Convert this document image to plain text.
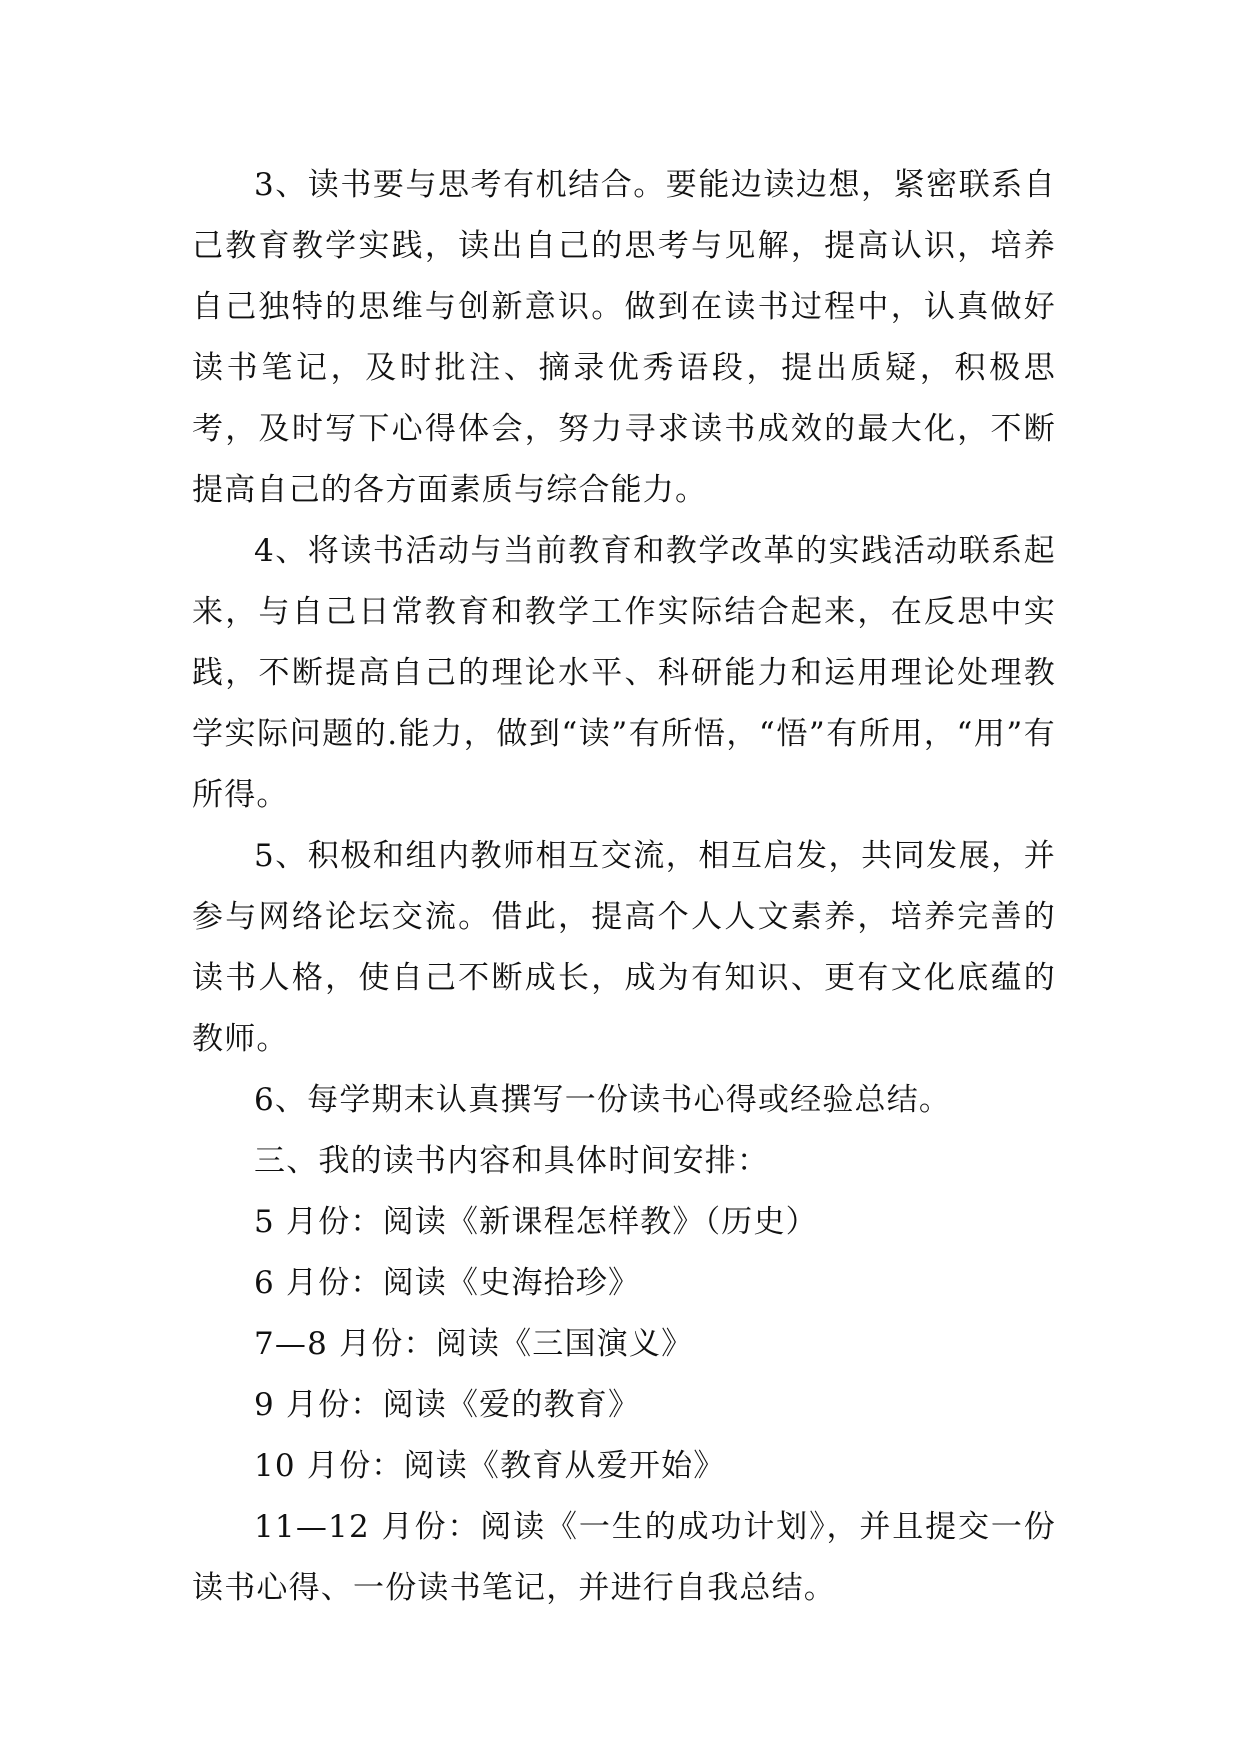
3、读书要与思考有机结合。要能边读边想，紧密联系自己教育教学实践，读出自己的思考与见解，提高认识，培养自己独特的思维与创新意识。做到在读书过程中，认真做好读书笔记，及时批注、摘录优秀语段，提出质疑，积极思考，及时写下心得体会，努力寻求读书成效的最大化，不断提高自己的各方面素质与综合能力。

4、将读书活动与当前教育和教学改革的实践活动联系起来，与自己日常教育和教学工作实际结合起来，在反思中实践，不断提高自己的理论水平、科研能力和运用理论处理教学实际问题的.能力，做到“读”有所悟，“悟”有所用，“用”有所得。

5、积极和组内教师相互交流，相互启发，共同发展，并参与网络论坛交流。借此，提高个人人文素养，培养完善的读书人格，使自己不断成长，成为有知识、更有文化底蕴的教师。

6、每学期末认真撰写一份读书心得或经验总结。

三、我的读书内容和具体时间安排：

5 月份：阅读《新课程怎样教》（历史）

6 月份：阅读《史海拾珍》

7—8 月份：阅读《三国演义》

9 月份：阅读《爱的教育》

10 月份：阅读《教育从爱开始》

11—12 月份：阅读《一生的成功计划》，并且提交一份读书心得、一份读书笔记，并进行自我总结。
